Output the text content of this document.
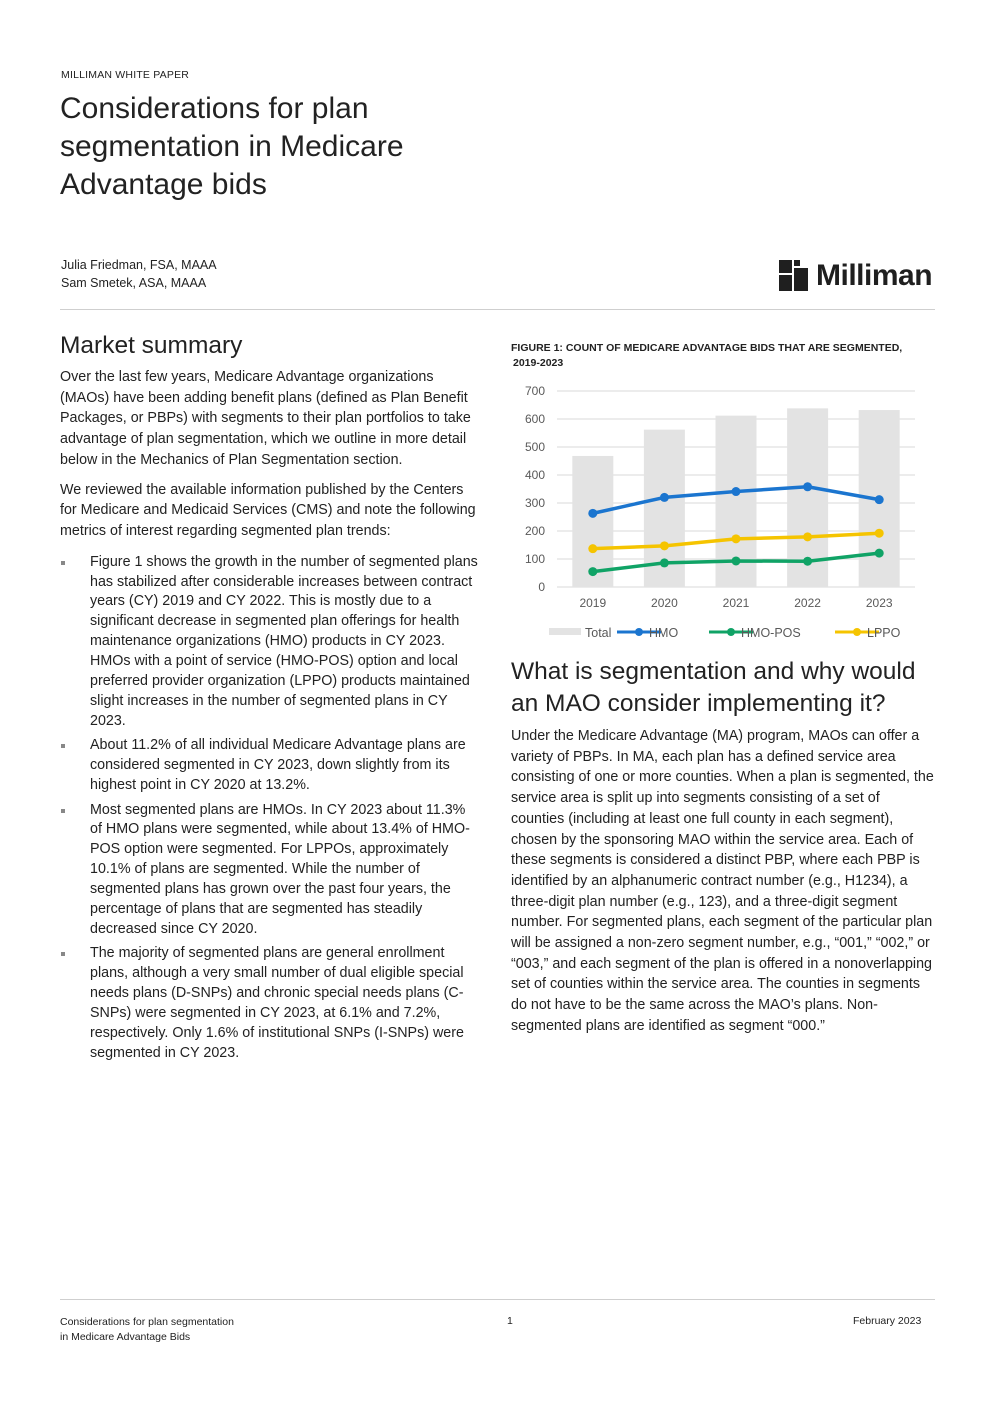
MILLIMAN WHITE PAPER
Considerations for plan segmentation in Medicare Advantage bids
Julia Friedman, FSA, MAAA
Sam Smetek, ASA, MAAA	Milliman
Market summary

Over the last few years, Medicare Advantage organizations (MAOs) have been adding benefit plans (defined as Plan Benefit Packages, or PBPs) with segments to their plan portfolios to take advantage of plan segmentation, which we outline in more detail below in the Mechanics of Plan Segmentation section.

We reviewed the available information published by the Centers for Medicare and Medicaid Services (CMS) and note the following metrics of interest regarding segmented plan trends:

Figure 1 shows the growth in the number of segmented plans has stabilized after considerable increases between contract years (CY) 2019 and CY 2022. This is mostly due to a significant decrease in segmented plan offerings for health maintenance organizations (HMO) products in CY 2023. HMOs with a point of service (HMO-POS) option and local preferred provider organization (LPPO) products maintained slight increases in the number of segmented plans in CY 2023.
About 11.2% of all individual Medicare Advantage plans are considered segmented in CY 2023, down slightly from its highest point in CY 2020 at 13.2%.
Most segmented plans are HMOs. In CY 2023 about 11.3% of HMO plans were segmented, while about 13.4% of HMO-POS option were segmented. For LPPOs, approximately 10.1% of plans are segmented. While the number of segmented plans has grown over the past four years, the percentage of plans that are segmented has steadily decreased since CY 2020.
The majority of segmented plans are general enrollment plans, although a very small number of dual eligible special needs plans (D-SNPs) and chronic special needs plans (C-SNPs) were segmented in CY 2023, at 6.1% and 7.2%, respectively. Only 1.6% of institutional SNPs (I-SNPs) were segmented in CY 2023.
FIGURE 1: COUNT OF MEDICARE ADVANTAGE BIDS THAT ARE SEGMENTED,
2019-2023
0
100
200
300
400
500
600
700
2019	2020	2021	2022	2023
Total	HMO	HMO-POS	LPPO
What is segmentation and why would
an MAO consider implementing it?

Under the Medicare Advantage (MA) program, MAOs can offer a variety of PBPs. In MA, each plan has a defined service area consisting of one or more counties. When a plan is segmented, the service area is split up into segments consisting of a set of counties (including at least one full county in each segment), chosen by the sponsoring MAO within the service area. Each of these segments is considered a distinct PBP, where each PBP is identified by an alphanumeric contract number (e.g., H1234), a three-digit plan number (e.g., 123), and a three-digit segment number. For segmented plans, each segment of the particular plan will be assigned a non-zero segment number, e.g., “001,” “002,” or “003,” and each segment of the plan is offered in a nonoverlapping set of counties within the service area. The counties in segments do not have to be the same across the MAO’s plans. Non-segmented plans are identified as segment “000.”

Considerations for plan segmentation
in Medicare Advantage Bids
1	February 2023
